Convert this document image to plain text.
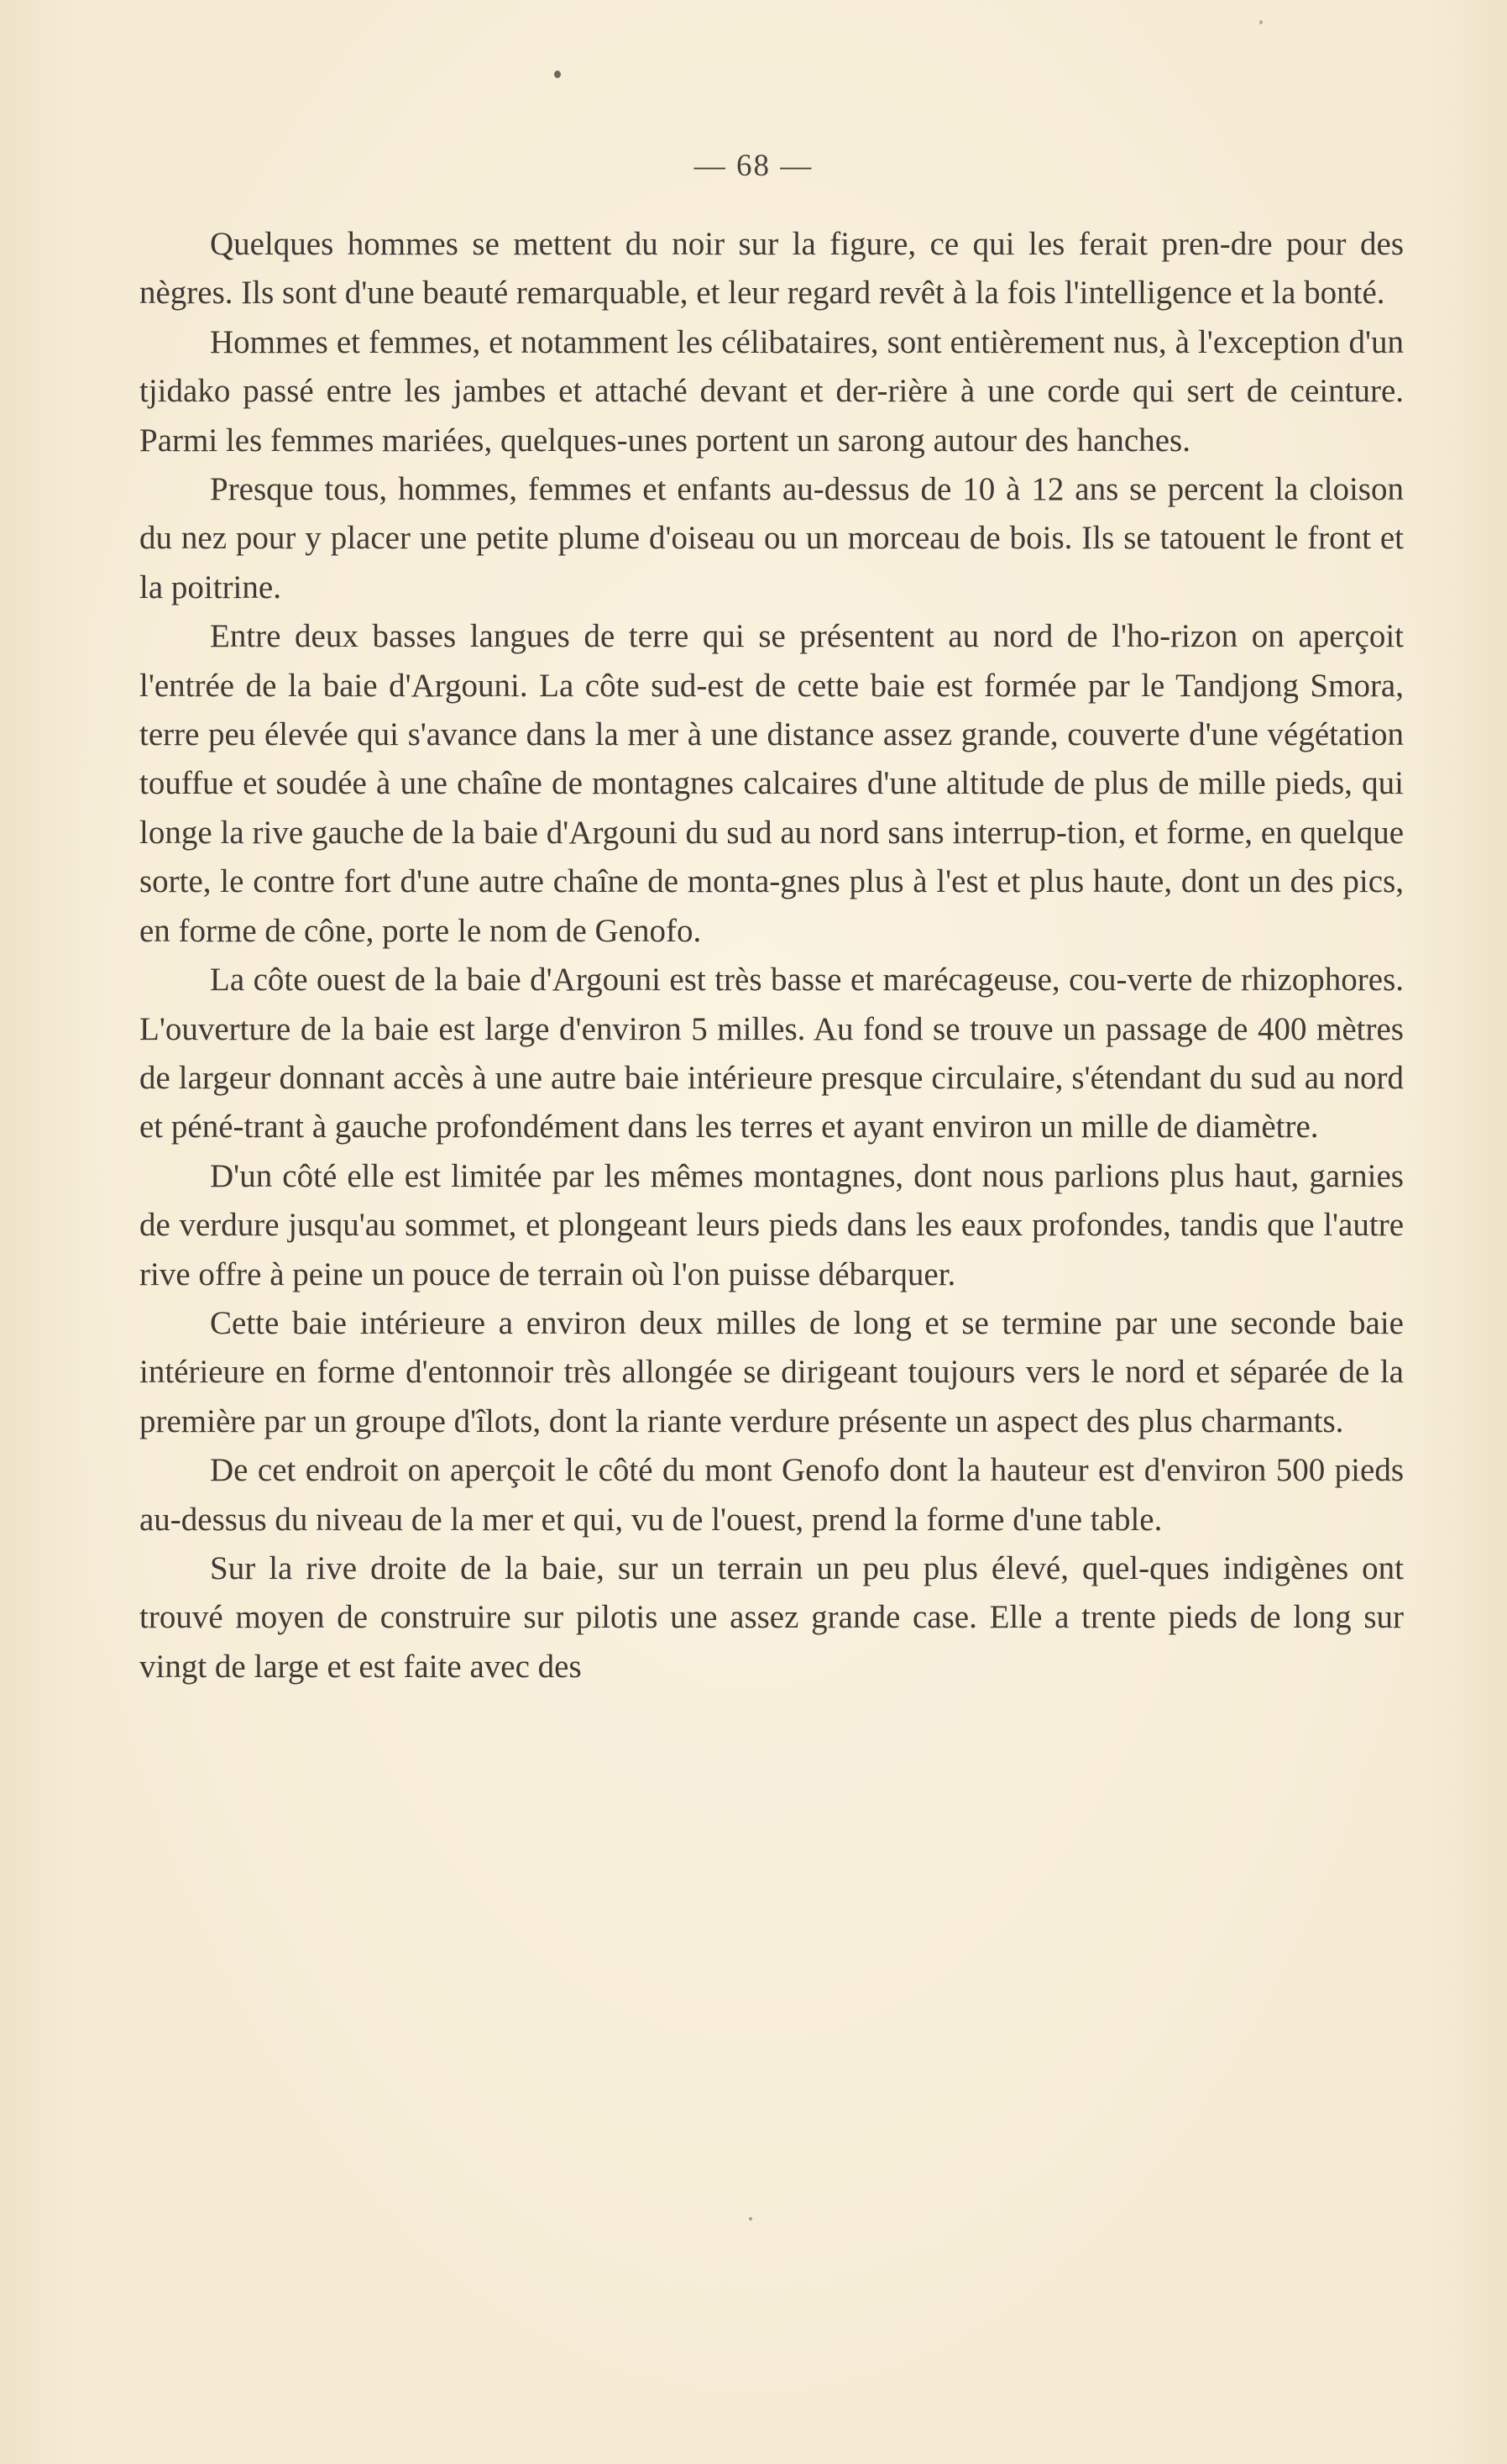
— 68 —

Quelques hommes se mettent du noir sur la figure, ce qui les ferait pren-dre pour des nègres. Ils sont d'une beauté remarquable, et leur regard revêt à la fois l'intelligence et la bonté.

Hommes et femmes, et notamment les célibataires, sont entièrement nus, à l'exception d'un tjidako passé entre les jambes et attaché devant et der-rière à une corde qui sert de ceinture. Parmi les femmes mariées, quelques-unes portent un sarong autour des hanches.

Presque tous, hommes, femmes et enfants au-dessus de 10 à 12 ans se percent la cloison du nez pour y placer une petite plume d'oiseau ou un morceau de bois. Ils se tatouent le front et la poitrine.

Entre deux basses langues de terre qui se présentent au nord de l'ho-rizon on aperçoit l'entrée de la baie d'Argouni. La côte sud-est de cette baie est formée par le Tandjong Smora, terre peu élevée qui s'avance dans la mer à une distance assez grande, couverte d'une végétation touffue et soudée à une chaîne de montagnes calcaires d'une altitude de plus de mille pieds, qui longe la rive gauche de la baie d'Argouni du sud au nord sans interrup-tion, et forme, en quelque sorte, le contre fort d'une autre chaîne de monta-gnes plus à l'est et plus haute, dont un des pics, en forme de cône, porte le nom de Genofo.

La côte ouest de la baie d'Argouni est très basse et marécageuse, cou-verte de rhizophores. L'ouverture de la baie est large d'environ 5 milles. Au fond se trouve un passage de 400 mètres de largeur donnant accès à une autre baie intérieure presque circulaire, s'étendant du sud au nord et péné-trant à gauche profondément dans les terres et ayant environ un mille de diamètre.

D'un côté elle est limitée par les mêmes montagnes, dont nous parlions plus haut, garnies de verdure jusqu'au sommet, et plongeant leurs pieds dans les eaux profondes, tandis que l'autre rive offre à peine un pouce de terrain où l'on puisse débarquer.

Cette baie intérieure a environ deux milles de long et se termine par une seconde baie intérieure en forme d'entonnoir très allongée se dirigeant toujours vers le nord et séparée de la première par un groupe d'îlots, dont la riante verdure présente un aspect des plus charmants.

De cet endroit on aperçoit le côté du mont Genofo dont la hauteur est d'environ 500 pieds au-dessus du niveau de la mer et qui, vu de l'ouest, prend la forme d'une table.

Sur la rive droite de la baie, sur un terrain un peu plus élevé, quel-ques indigènes ont trouvé moyen de construire sur pilotis une assez grande case. Elle a trente pieds de long sur vingt de large et est faite avec des
